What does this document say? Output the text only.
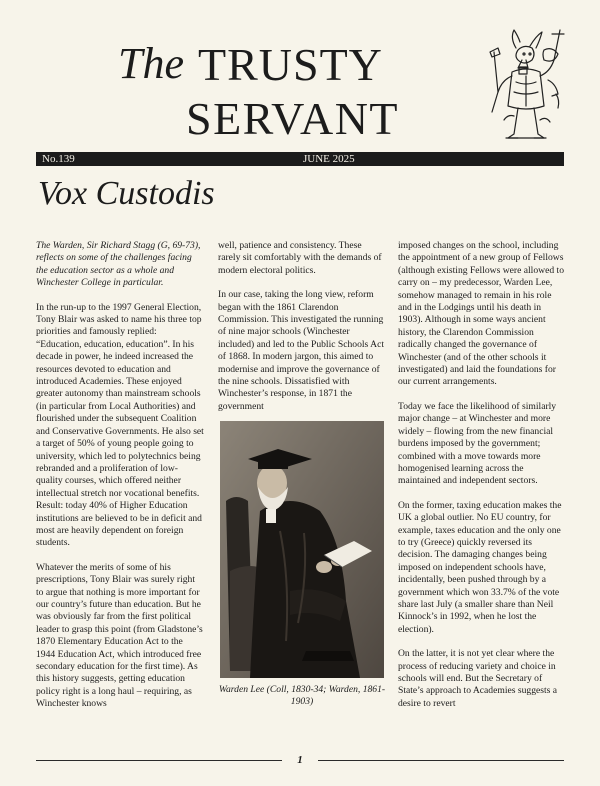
The TRUSTY
SERVANT
No.139	JUNE 2025
Vox Custodis

The Warden, Sir Richard Stagg (G, 69-73), reflects on some of the challenges facing the education sector as a whole and Winchester College in particular.

In the run-up to the 1997 General Election, Tony Blair was asked to name his three top priorities and famously replied: “Education, education, education”. In his decade in power, he indeed increased the resources devoted to education and introduced Academies. These enjoyed greater autonomy than mainstream schools (in particular from Local Authorities) and flourished under the subsequent Coalition and Conservative Governments. He also set a target of 50% of young people going to university, which led to polytechnics being rebranded and a proliferation of low-quality courses, which offered neither intellectual stretch nor vocational benefits. Result: today 40% of Higher Education institutions are believed to be in deficit and most are heavily dependent on foreign students.

Whatever the merits of some of his prescriptions, Tony Blair was surely right to argue that nothing is more important for our country’s future than education. But he was obviously far from the first political leader to grasp this point (from Gladstone’s 1870 Elementary Education Act to the 1944 Education Act, which introduced free secondary education for the first time). As this history suggests, getting education policy right is a long haul – requiring, as Winchester knows

well, patience and consistency. These rarely sit comfortably with the demands of modern electoral politics.

In our case, taking the long view, reform began with the 1861 Clarendon Commission. This investigated the running of nine major schools (Winchester included) and led to the Public Schools Act of 1868. In modern jargon, this aimed to modernise and improve the governance of the nine schools. Dissatisfied with Winchester’s response, in 1871 the government

Warden Lee (Coll, 1830-34; Warden, 1861-1903)

imposed changes on the school, including the appointment of a new group of Fellows (although existing Fellows were allowed to carry on – my predecessor, Warden Lee, somehow managed to remain in his role and in the Lodgings until his death in 1903). Although in some ways ancient history, the Clarendon Commission radically changed the governance of Winchester (and of the other schools it investigated) and laid the foundations for our current arrangements.

Today we face the likelihood of similarly major change – at Winchester and more widely – flowing from the new financial burdens imposed by the government; combined with a move towards more homogenised learning across the maintained and independent sectors.

On the former, taxing education makes the UK a global outlier. No EU country, for example, taxes education and the only one to try (Greece) quickly reversed its decision. The damaging changes being imposed on independent schools have, incidentally, been pushed through by a government which won 33.7% of the vote share last July (a smaller share than Neil Kinnock’s in 1992, when he lost the election).

On the latter, it is not yet clear where the process of reducing variety and choice in schools will end. But the Secretary of State’s approach to Academies suggests a desire to revert

1
